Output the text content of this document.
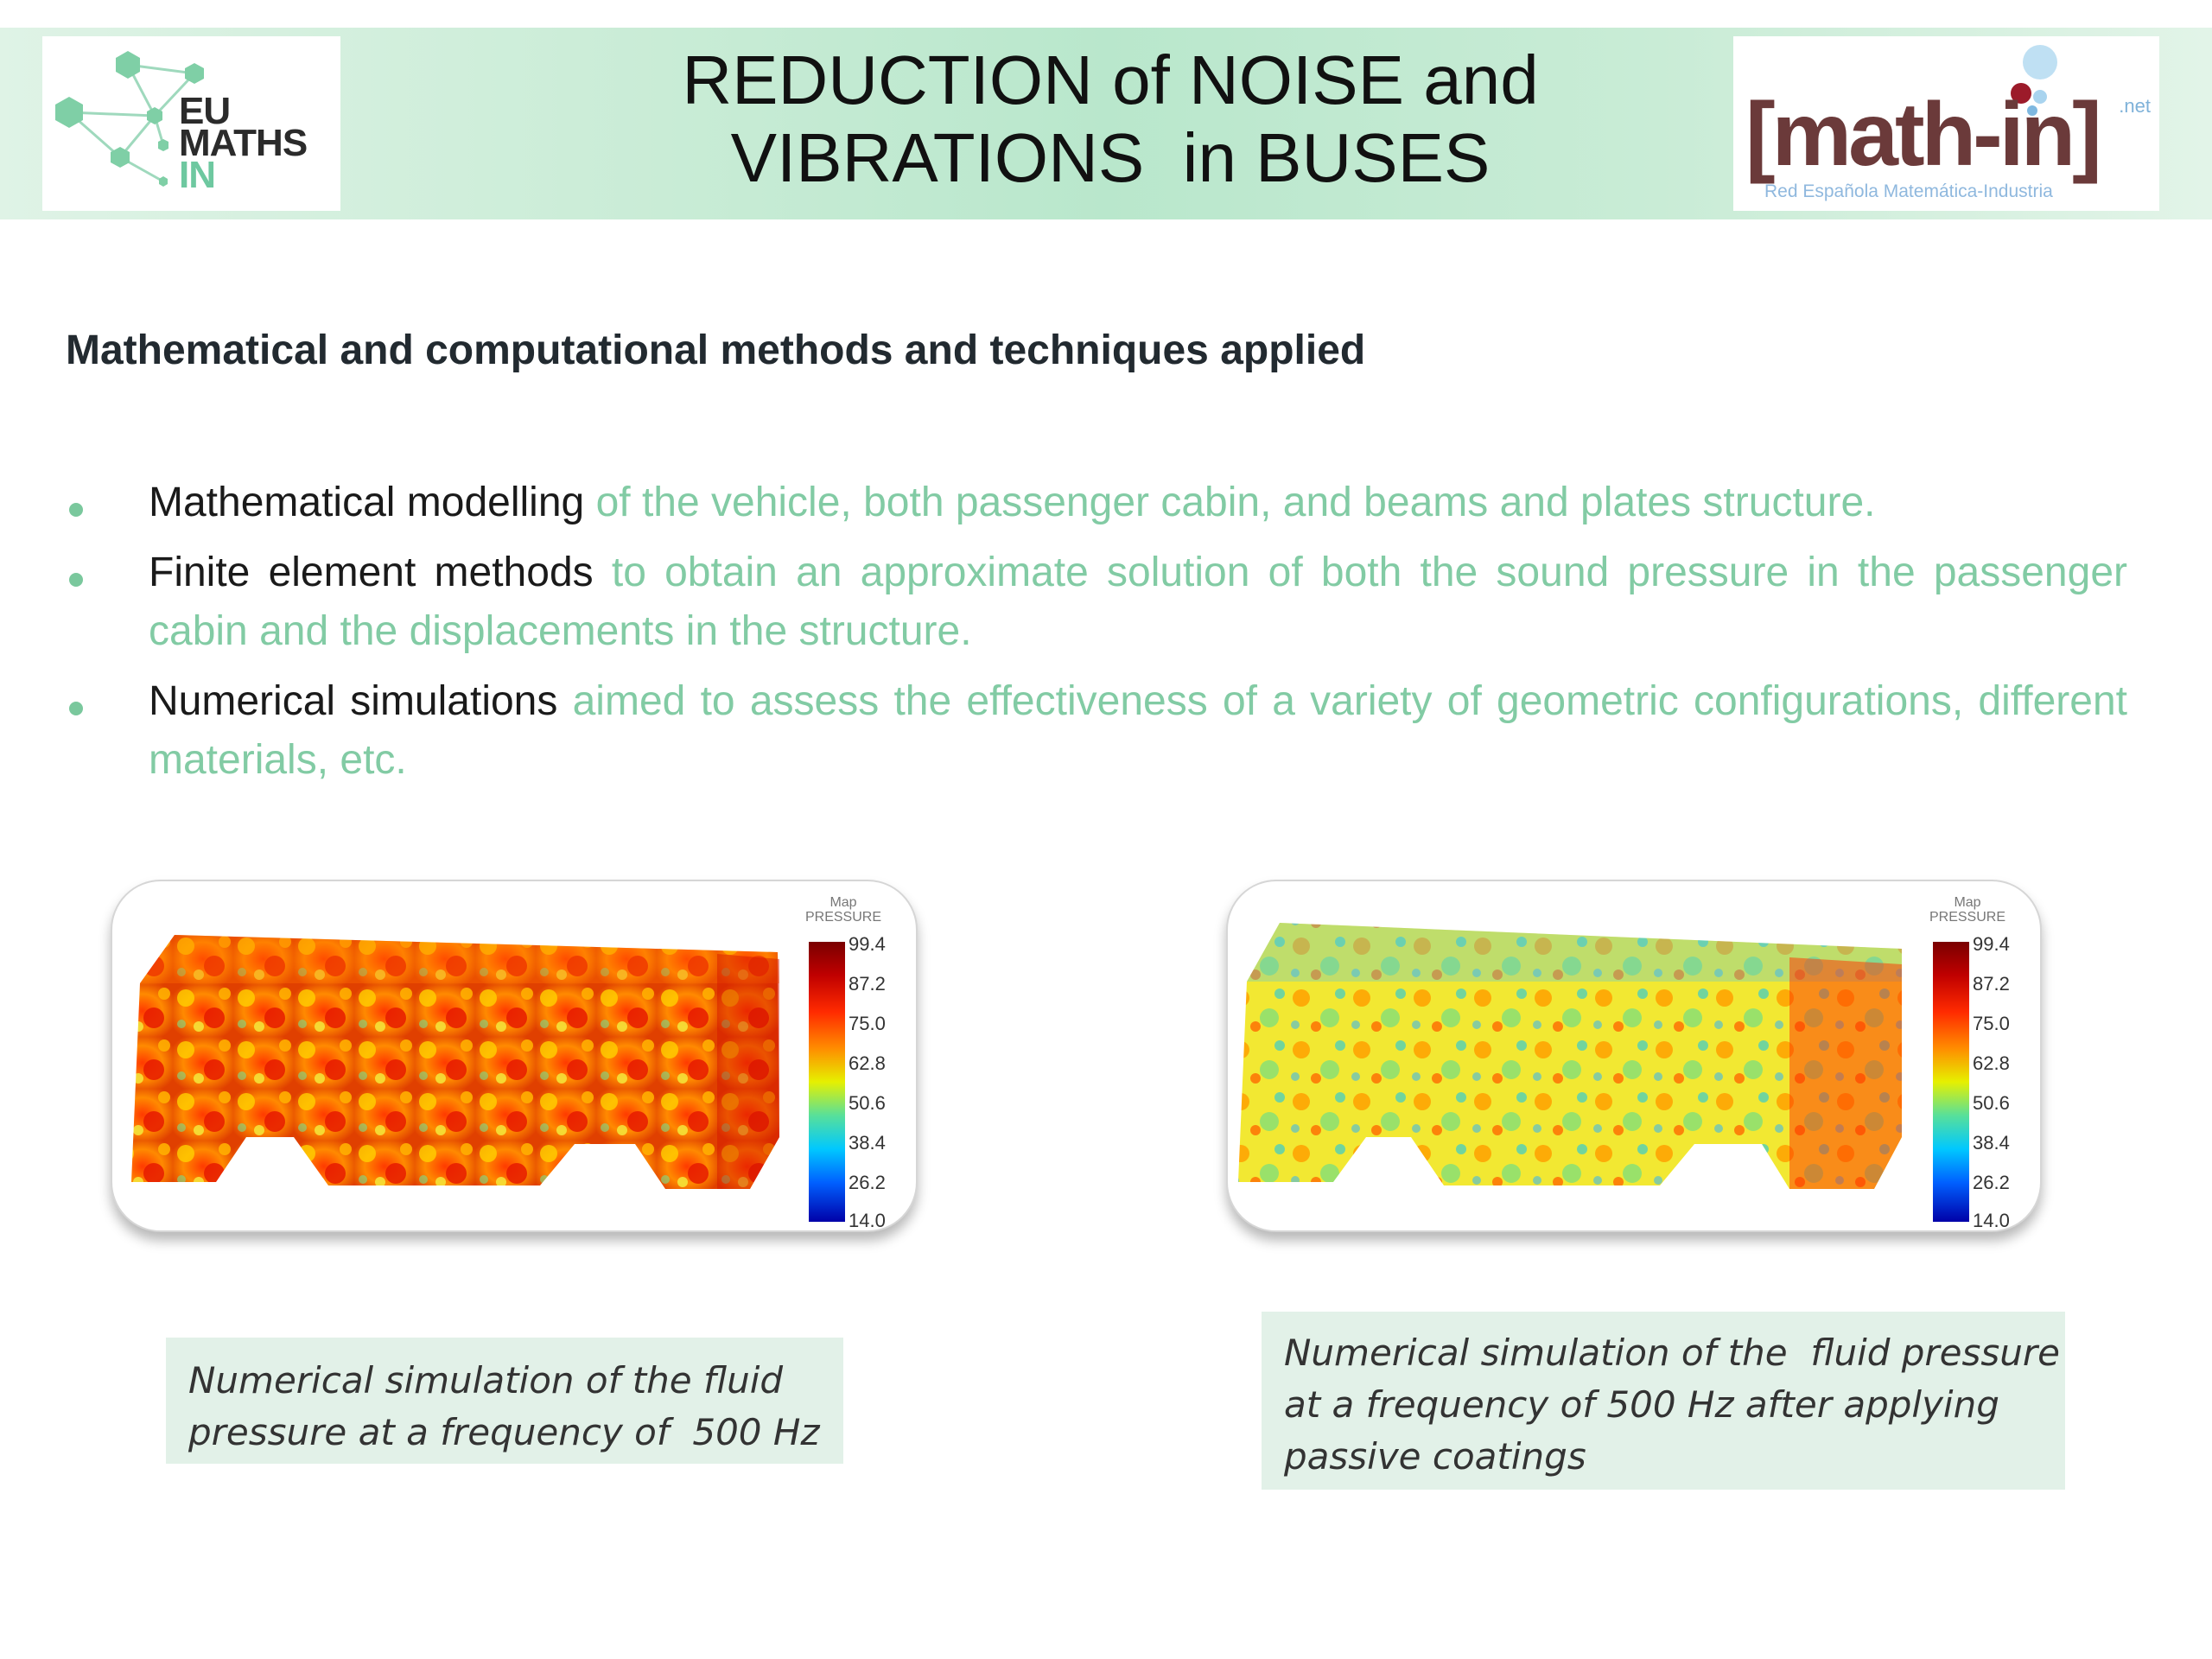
EU
MATHS
IN
REDUCTION of NOISE and
VIBRATIONS  in BUSES	[math-in] .net
Red Española Matemática-Industria
Mathematical and computational methods and techniques applied
Mathematical modelling of the vehicle, both passenger cabin, and beams and plates structure.
Finite element methods to obtain an approximate solution of both the sound pressure in the passenger cabin and the displacements in the structure.
Numerical simulations aimed to assess the effectiveness of a variety of geometric configurations, different materials, etc.
Map
PRESSURE
99.4
87.2
75.0
62.8
50.6
38.4
26.2
14.0
Map
PRESSURE
99.4
87.2
75.0
62.8
50.6
38.4
26.2
14.0
Numerical simulation of the fluid
pressure at a frequency of  500 Hz
Numerical simulation of the  fluid pressure
at a frequency of 500 Hz after applying
passive coatings
